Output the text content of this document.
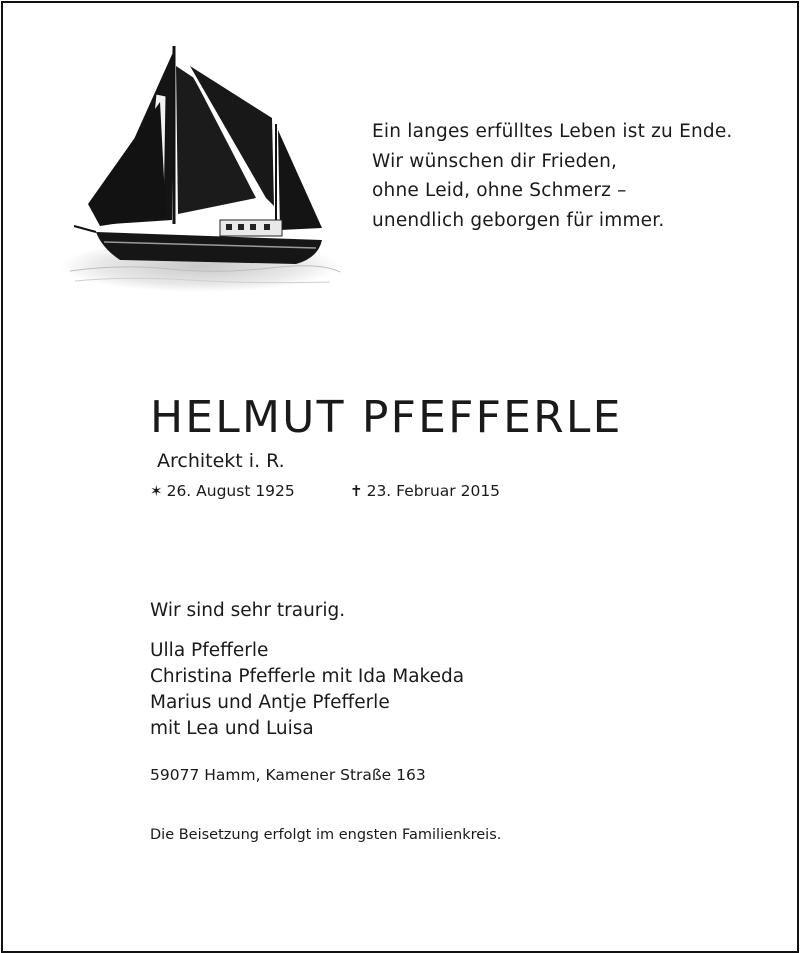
Ein langes erfülltes Leben ist zu Ende.
Wir wünschen dir Frieden,
ohne Leid, ohne Schmerz –
unendlich geborgen für immer.
HELMUT PFEFFERLE
Architekt i. R.
✶ 26. August 1925	✝ 23. Februar 2015
Wir sind sehr traurig.
Ulla Pfefferle
Christina Pfefferle mit Ida Makeda
Marius und Antje Pfefferle
mit Lea und Luisa
59077 Hamm, Kamener Straße 163
Die Beisetzung erfolgt im engsten Familienkreis.
